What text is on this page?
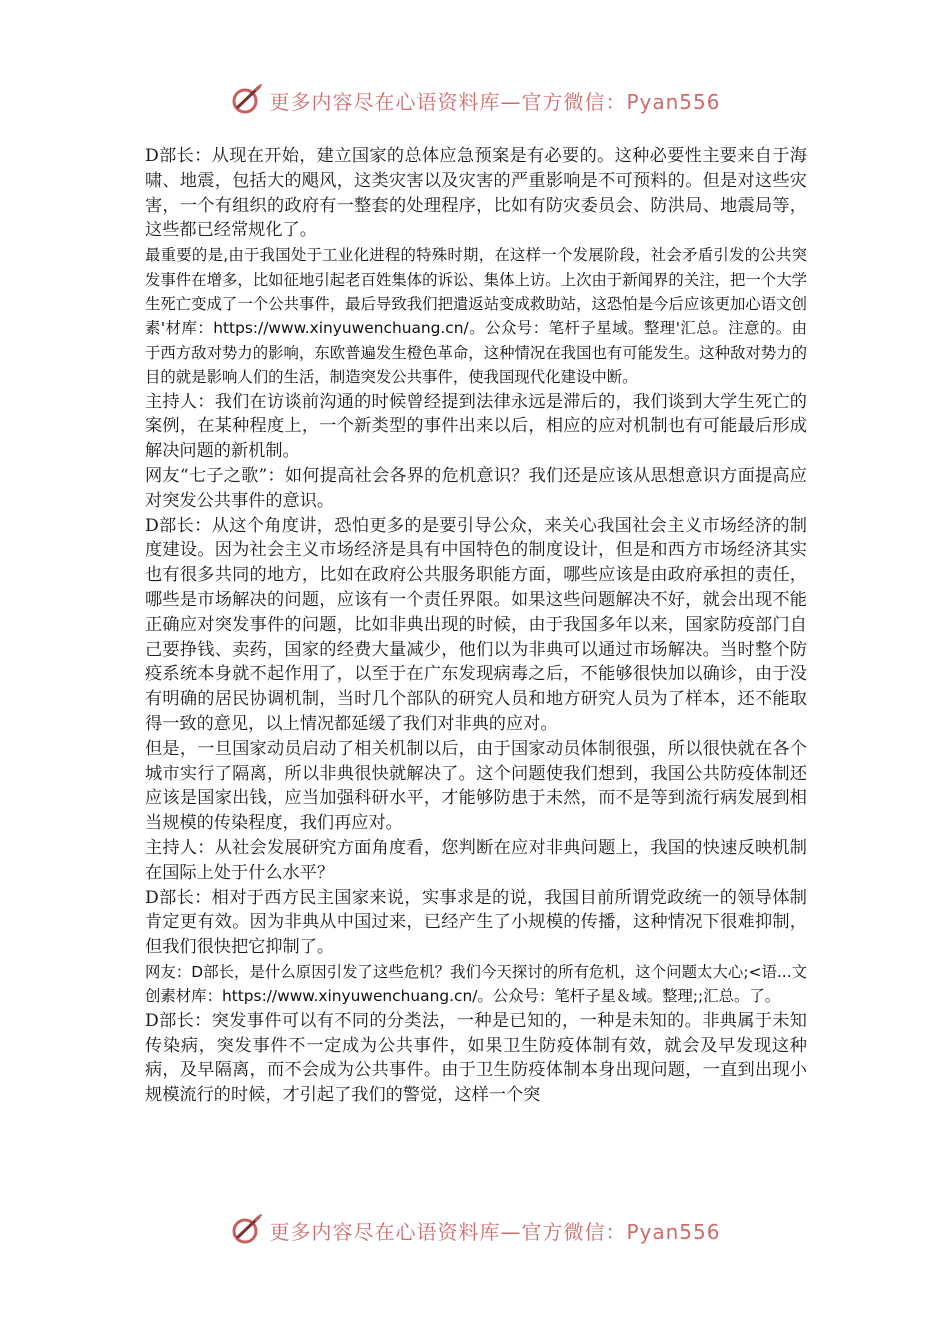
更多内容尽在心语资料库—官方微信：Pyan556

D部长：从现在开始，建立国家的总体应急预案是有必要的。这种必要性主要来自于海啸、地震，包括大的飓风，这类灾害以及灾害的严重影响是不可预料的。但是对这些灾害，一个有组织的政府有一整套的处理程序，比如有防灾委员会、防洪局、地震局等，这些都已经常规化了。

最重要的是,由于我国处于工业化进程的特殊时期，在这样一个发展阶段，社会矛盾引发的公共突发事件在增多，比如征地引起老百姓集体的诉讼、集体上访。上次由于新闻界的关注，把一个大学生死亡变成了一个公共事件，最后导致我们把遣返站变成救助站，这恐怕是今后应该更加心语文创素'材库：https://www.xinyuwenchuang.cn/。公众号：笔杆子星域。整理'汇总。注意的。由于西方敌对势力的影响，东欧普遍发生橙色革命，这种情况在我国也有可能发生。这种敌对势力的目的就是影响人们的生活，制造突发公共事件，使我国现代化建设中断。

主持人：我们在访谈前沟通的时候曾经提到法律永远是滞后的，我们谈到大学生死亡的案例，在某种程度上，一个新类型的事件出来以后，相应的应对机制也有可能最后形成解决问题的新机制。

网友“七子之歌”：如何提高社会各界的危机意识？我们还是应该从思想意识方面提高应对突发公共事件的意识。

D部长：从这个角度讲，恐怕更多的是要引导公众，来关心我国社会主义市场经济的制度建设。因为社会主义市场经济是具有中国特色的制度设计，但是和西方市场经济其实也有很多共同的地方，比如在政府公共服务职能方面，哪些应该是由政府承担的责任，哪些是市场解决的问题，应该有一个责任界限。如果这些问题解决不好，就会出现不能正确应对突发事件的问题，比如非典出现的时候，由于我国多年以来，国家防疫部门自己要挣钱、卖药，国家的经费大量减少，他们以为非典可以通过市场解决。当时整个防疫系统本身就不起作用了，以至于在广东发现病毒之后，不能够很快加以确诊，由于没有明确的居民协调机制，当时几个部队的研究人员和地方研究人员为了样本，还不能取得一致的意见，以上情况都延缓了我们对非典的应对。

但是，一旦国家动员启动了相关机制以后，由于国家动员体制很强，所以很快就在各个城市实行了隔离，所以非典很快就解决了。这个问题使我们想到，我国公共防疫体制还应该是国家出钱，应当加强科研水平，才能够防患于未然，而不是等到流行病发展到相当规模的传染程度，我们再应对。

主持人：从社会发展研究方面角度看，您判断在应对非典问题上，我国的快速反映机制在国际上处于什么水平？

D部长：相对于西方民主国家来说，实事求是的说，我国目前所谓党政统一的领导体制肯定更有效。因为非典从中国过来，已经产生了小规模的传播，这种情况下很难抑制，但我们很快把它抑制了。

网友：D部长，是什么原因引发了这些危机？我们今天探讨的所有危机，这个问题太大心;<语...文创素材库：https://www.xinyuwenchuang.cn/。公众号：笔杆子星＆域。整理;;汇总。了。

D部长：突发事件可以有不同的分类法，一种是已知的，一种是未知的。非典属于未知传染病，突发事件不一定成为公共事件，如果卫生防疫体制有效，就会及早发现这种病，及早隔离，而不会成为公共事件。由于卫生防疫体制本身出现问题，一直到出现小规模流行的时候，才引起了我们的警觉，这样一个突

更多内容尽在心语资料库—官方微信：Pyan556
